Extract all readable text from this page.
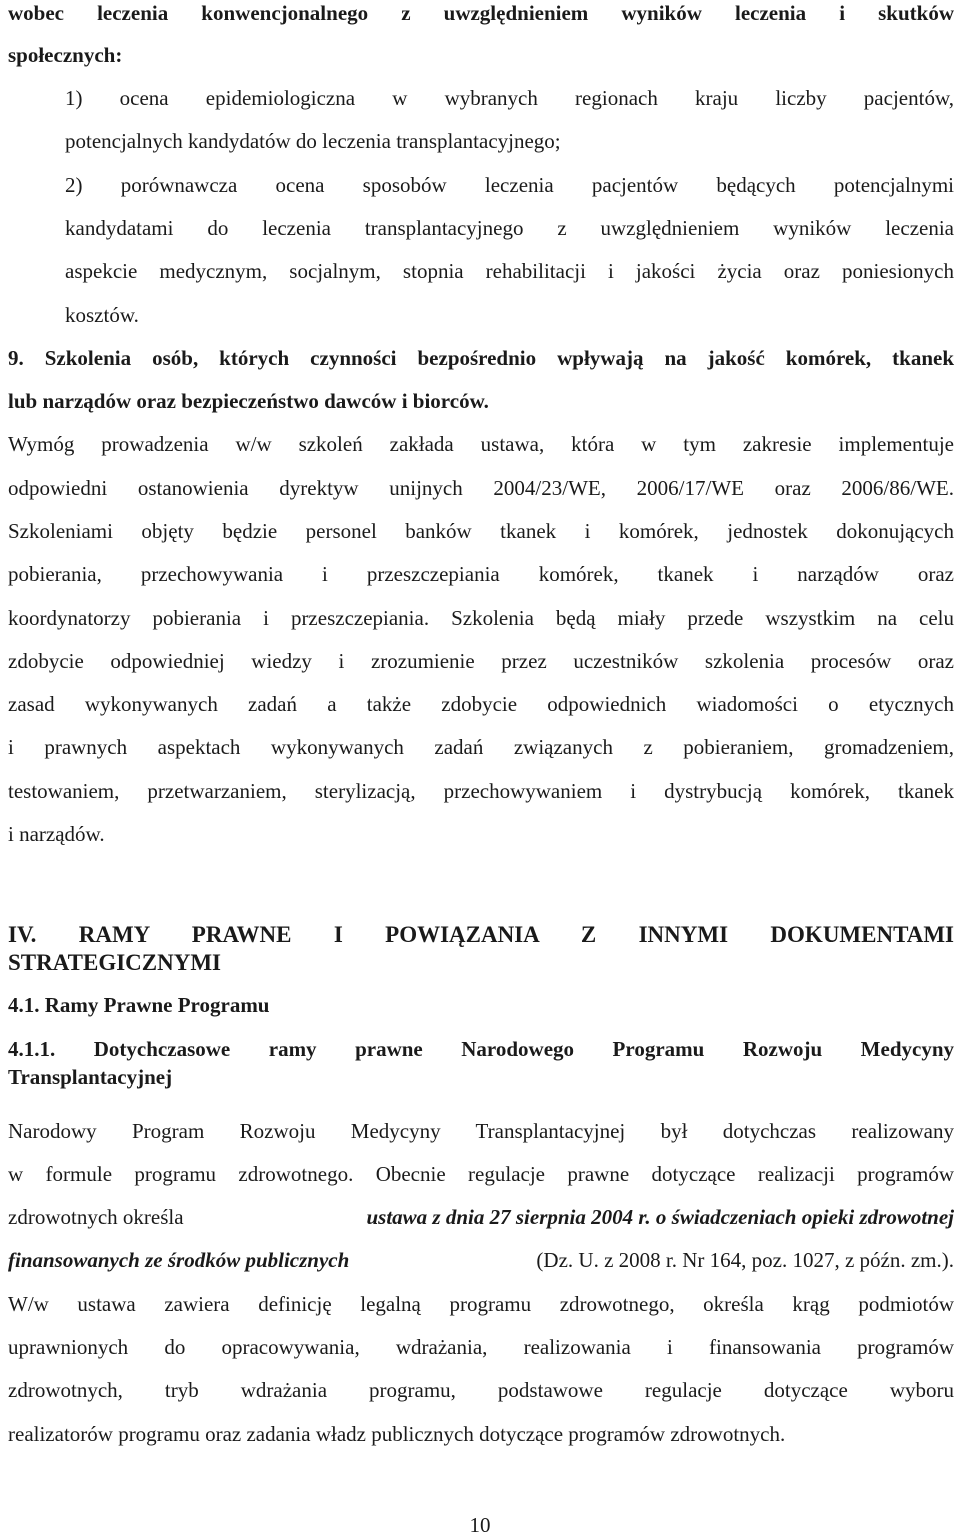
wobec leczenia konwencjonalnego z uwzględnieniem wyników leczenia i skutków
społecznych:
1) ocena epidemiologiczna w wybranych regionach kraju liczby pacjentów,
potencjalnych kandydatów do leczenia transplantacyjnego;
2) porównawcza ocena sposobów leczenia pacjentów będących potencjalnymi
kandydatami do leczenia transplantacyjnego z uwzględnieniem wyników leczenia
aspekcie medycznym, socjalnym, stopnia rehabilitacji i jakości życia oraz poniesionych
kosztów.
9. Szkolenia osób, których czynności bezpośrednio wpływają na jakość komórek, tkanek
lub narządów oraz bezpieczeństwo dawców i biorców.
Wymóg prowadzenia w/w szkoleń zakłada ustawa, która w tym zakresie implementuje
odpowiedni ostanowienia dyrektyw unijnych 2004/23/WE, 2006/17/WE oraz 2006/86/WE.
Szkoleniami objęty będzie personel banków tkanek i komórek, jednostek dokonujących
pobierania, przechowywania i przeszczepiania komórek, tkanek i narządów oraz
koordynatorzy pobierania i przeszczepiania. Szkolenia będą miały przede wszystkim na celu
zdobycie odpowiedniej wiedzy i zrozumienie przez uczestników szkolenia procesów oraz
zasad wykonywanych zadań a także zdobycie odpowiednich wiadomości o etycznych
i prawnych aspektach wykonywanych zadań związanych z pobieraniem, gromadzeniem,
testowaniem, przetwarzaniem, sterylizacją, przechowywaniem i dystrybucją komórek, tkanek
i narządów.
IV. RAMY PRAWNE I POWIĄZANIA Z INNYMI DOKUMENTAMI
STRATEGICZNYMI
4.1. Ramy Prawne Programu
4.1.1. Dotychczasowe ramy prawne Narodowego Programu Rozwoju Medycyny
Transplantacyjnej
Narodowy Program Rozwoju Medycyny Transplantacyjnej był dotychczas realizowany
w formule programu zdrowotnego. Obecnie regulacje prawne dotyczące realizacji programów
zdrowotnych określa	ustawa z dnia 27 sierpnia 2004 r. o świadczeniach opieki zdrowotnej
finansowanych ze środków publicznych	(Dz. U. z 2008 r. Nr 164, poz. 1027, z późn. zm.).
W/w ustawa zawiera definicję legalną programu zdrowotnego, określa krąg podmiotów
uprawnionych do opracowywania, wdrażania, realizowania i finansowania programów
zdrowotnych, tryb wdrażania programu, podstawowe regulacje dotyczące wyboru
realizatorów programu oraz zadania władz publicznych dotyczące programów zdrowotnych.
10
